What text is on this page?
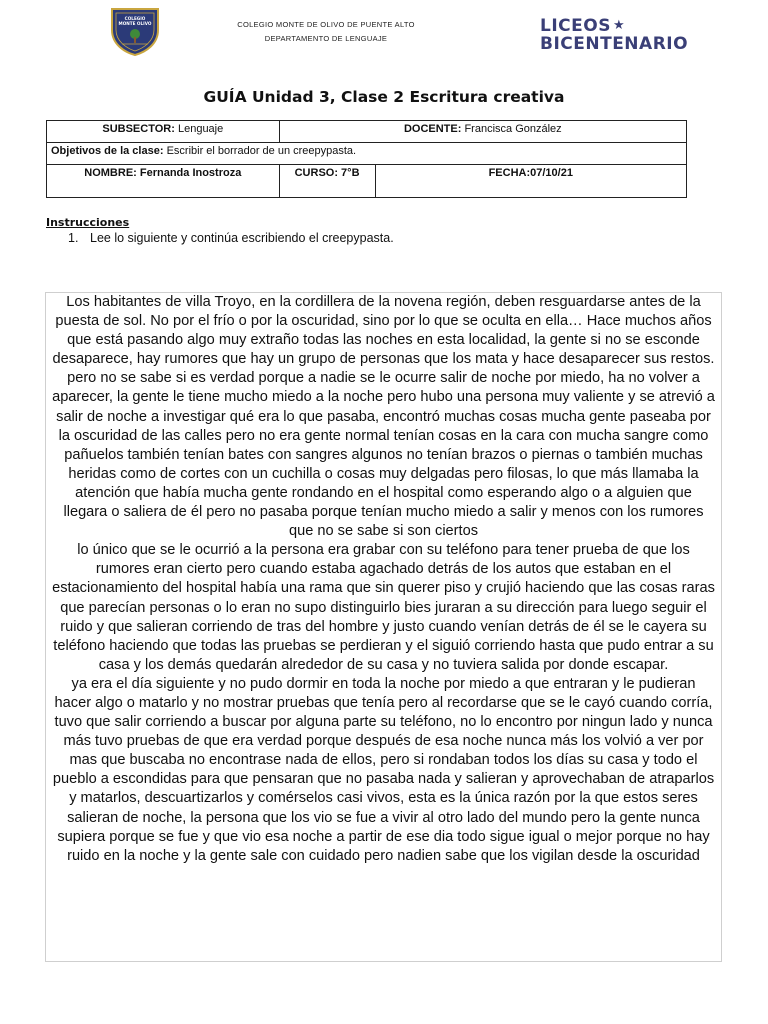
COLEGIO
MONTE OLIVO	COLEGIO MONTE DE OLIVO DE PUENTE ALTO
DEPARTAMENTO DE LENGUAJE
LICEOS ★
BICENTENARIO
GUÍA Unidad 3, Clase 2 Escritura creativa
SUBSECTOR: Lenguaje	DOCENTE: Francisca González	
Objetivos de la clase: Escribir el borrador de un creepypasta.		
NOMBRE: Fernanda Inostroza	CURSO: 7°B	FECHA:07/10/21
Instrucciones
1. Lee lo siguiente y continúa escribiendo el creepypasta.

Los habitantes de villa Troyo, en la cordillera de la novena región, deben resguardarse antes de la puesta de sol. No por el frío o por la oscuridad, sino por lo que se oculta en ella… Hace muchos años que está pasando algo muy extraño todas las noches en esta localidad, la gente si no se esconde desaparece, hay rumores que hay un grupo de personas que los mata y hace desaparecer sus restos.

pero no se sabe si es verdad porque a nadie se le ocurre salir de noche por miedo, ha no volver a aparecer, la gente le tiene mucho miedo a la noche pero hubo una persona muy valiente y se atrevió a salir de noche a investigar qué era lo que pasaba, encontró muchas cosas mucha gente paseaba por la oscuridad de las calles pero no era gente normal tenían cosas en la cara con mucha sangre como pañuelos también tenían bates con sangres algunos no tenían brazos o piernas o también muchas heridas como de cortes con un cuchilla o cosas muy delgadas pero filosas, lo que más llamaba la atención que había mucha gente rondando en el hospital como esperando algo o a alguien que llegara o saliera de él pero no pasaba porque tenían mucho miedo a salir y menos con los rumores que no se sabe si son ciertos

lo único que se le ocurrió a la persona era grabar con su teléfono para tener prueba de que los rumores eran cierto pero cuando estaba agachado detrás de los autos que estaban en el estacionamiento del hospital había una rama que sin querer piso y crujió haciendo que las cosas raras que parecían personas o lo eran no supo distinguirlo bies juraran a su dirección para luego seguir el ruido y que salieran corriendo de tras del hombre y justo cuando venían detrás de él se le cayera su teléfono haciendo que todas las pruebas se perdieran y el siguió corriendo hasta que pudo entrar a su casa y los demás quedarán alrededor de su casa y no tuviera salida por donde escapar.

ya era el día siguiente y no pudo dormir en toda la noche por miedo a que entraran y le pudieran hacer algo o matarlo y no mostrar pruebas que tenía pero al recordarse que se le cayó cuando corría, tuvo que salir corriendo a buscar por alguna parte su teléfono, no lo encontro por ningun lado y nunca más tuvo pruebas de que era verdad porque después de esa noche nunca más los volvió a ver por mas que buscaba no encontrase nada de ellos, pero si rondaban todos los días su casa y todo el pueblo a escondidas para que pensaran que no pasaba nada y salieran y aprovechaban de atraparlos y matarlos, descuartizarlos y comérselos casi vivos, esta es la única razón por la que estos seres salieran de noche, la persona que los vio se fue a vivir al otro lado del mundo pero la gente nunca supiera porque se fue y que vio esa noche a partir de ese dia todo sigue igual o mejor porque no hay ruido en la noche y la gente sale con cuidado pero nadien sabe que los vigilan desde la oscuridad
